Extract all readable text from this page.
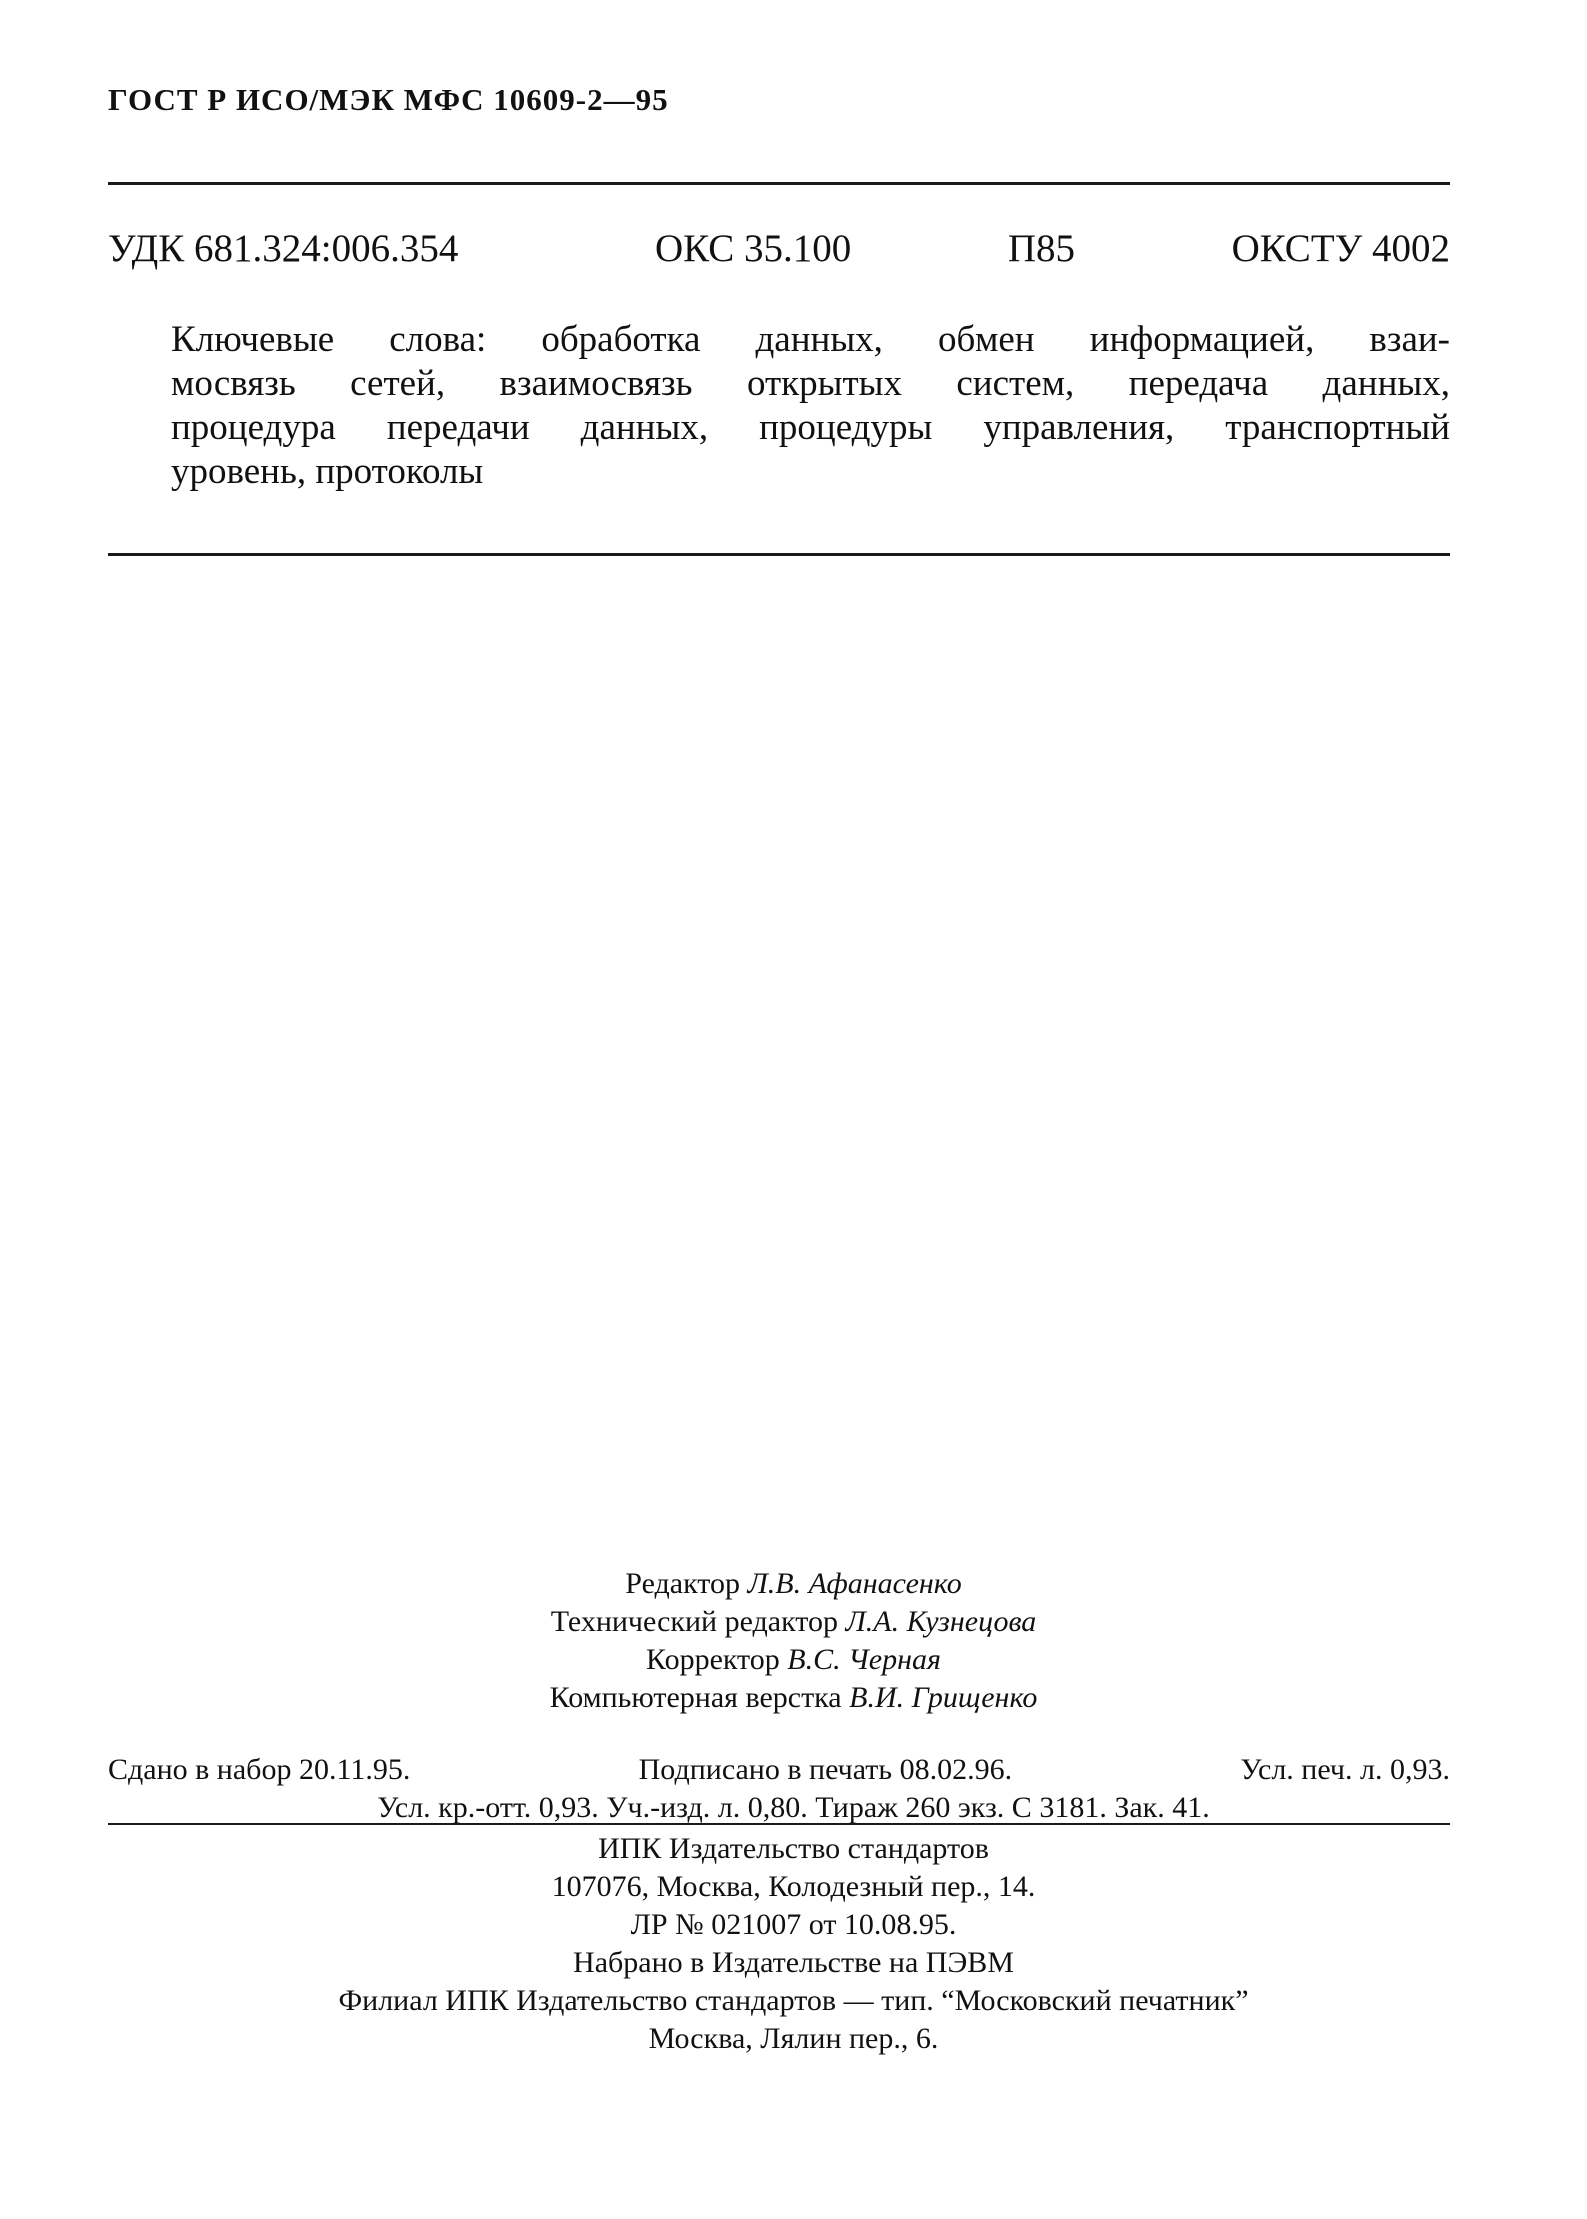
ГОСТ Р ИСО/МЭК МФС 10609-2—95
УДК 681.324:006.354	ОКС 35.100	П85	ОКСТУ 4002
Ключевые слова: обработка данных, обмен информацией, взаи-
мосвязь сетей, взаимосвязь открытых систем, передача данных,
процедура передачи данных, процедуры управления, транспортный
уровень, протоколы
Редактор Л.В. Афанасенко
Технический редактор Л.А. Кузнецова
Корректор В.С. Черная
Компьютерная верстка В.И. Грищенко
Сдано в набор 20.11.95.	Подписано в печать 08.02.96.	Усл. печ. л. 0,93.
Усл. кр.-отт. 0,93. Уч.-изд. л. 0,80. Тираж 260 экз. С 3181. Зак. 41.
ИПК Издательство стандартов
107076, Москва, Колодезный пер., 14.
ЛР № 021007 от 10.08.95.
Набрано в Издательстве на ПЭВМ
Филиал ИПК Издательство стандартов — тип. “Московский печатник”
Москва, Лялин пер., 6.
